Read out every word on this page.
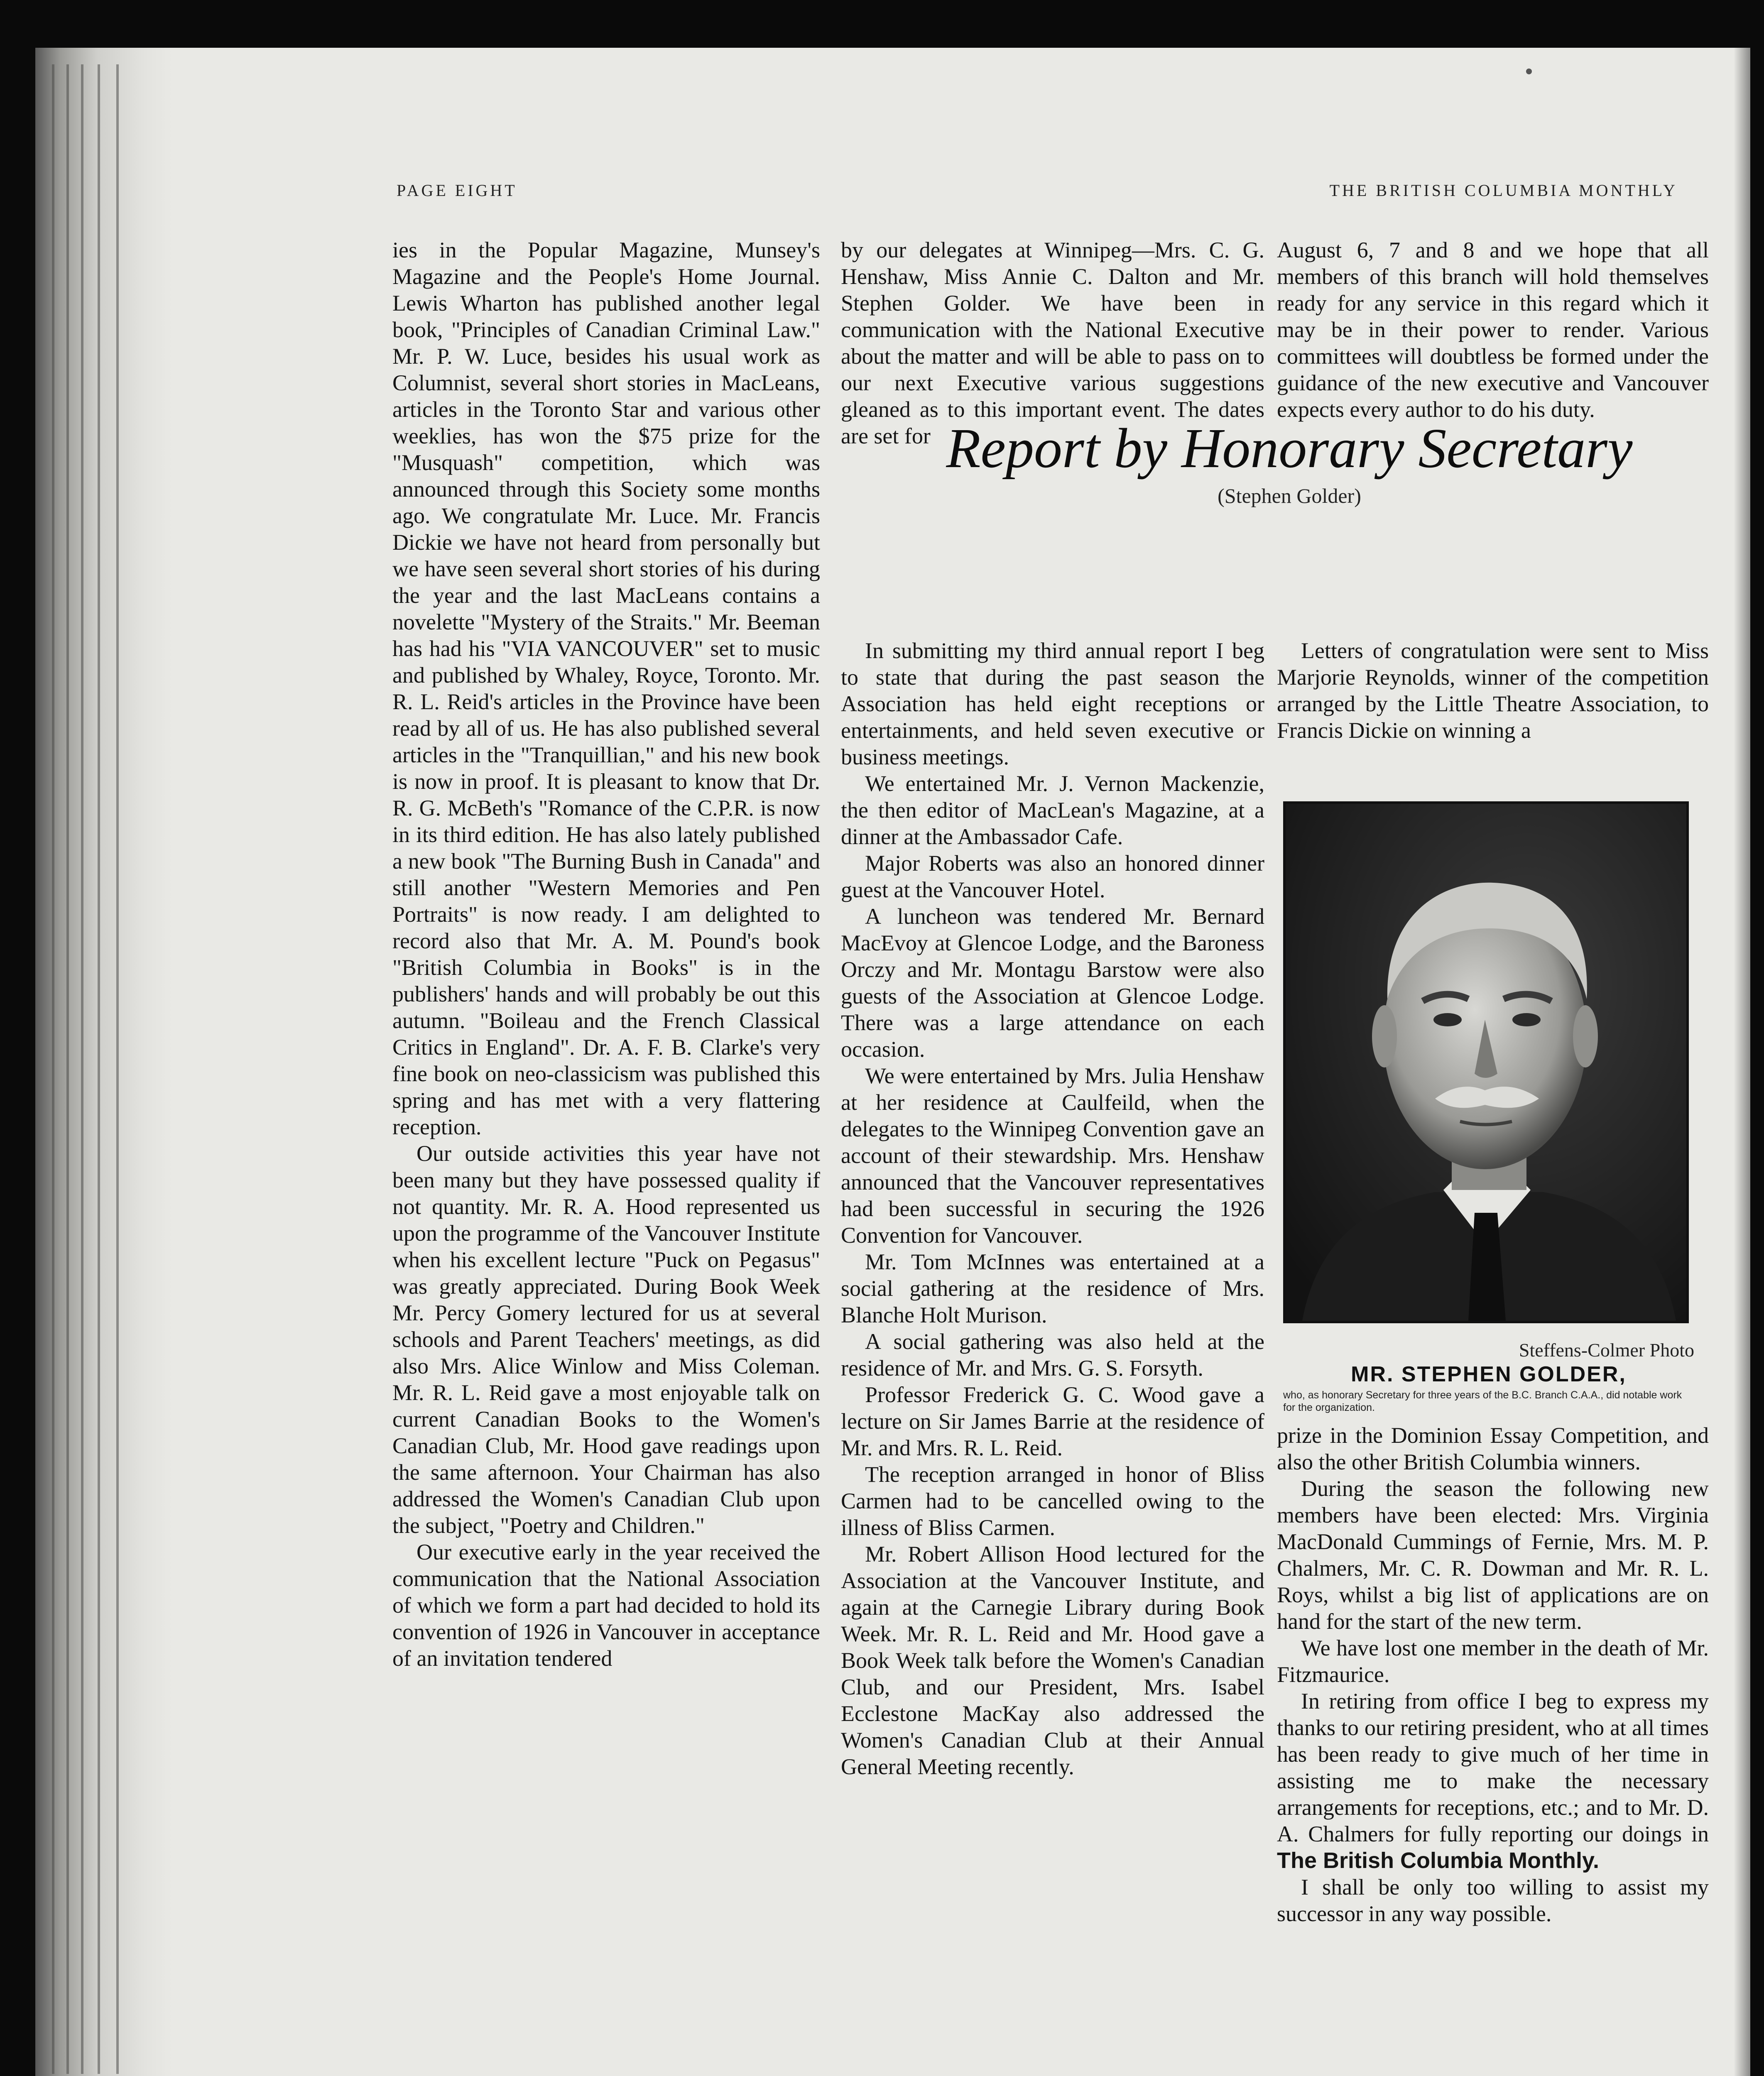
PAGE EIGHT	THE BRITISH COLUMBIA MONTHLY

ies in the Popular Magazine, Munsey's Magazine and the People's Home Journal. Lewis Wharton has published another legal book, "Principles of Canadian Criminal Law." Mr. P. W. Luce, besides his usual work as Columnist, several short stories in MacLeans, articles in the Toronto Star and various other weeklies, has won the $75 prize for the "Musquash" competition, which was announced through this Society some months ago. We congratulate Mr. Luce. Mr. Francis Dickie we have not heard from personally but we have seen several short stories of his during the year and the last MacLeans contains a novelette "Mystery of the Straits." Mr. Beeman has had his "VIA VANCOUVER" set to music and published by Whaley, Royce, Toronto. Mr. R. L. Reid's articles in the Province have been read by all of us. He has also published several articles in the "Tranquillian," and his new book is now in proof. It is pleasant to know that Dr. R. G. McBeth's "Romance of the C.P.R. is now in its third edition. He has also lately published a new book "The Burning Bush in Canada" and still another "Western Memories and Pen Portraits" is now ready. I am delighted to record also that Mr. A. M. Pound's book "British Columbia in Books" is in the publishers' hands and will probably be out this autumn. "Boileau and the French Classical Critics in England". Dr. A. F. B. Clarke's very fine book on neo-classicism was published this spring and has met with a very flattering reception.

Our outside activities this year have not been many but they have possessed quality if not quantity. Mr. R. A. Hood represented us upon the programme of the Vancouver Institute when his excellent lecture "Puck on Pegasus" was greatly appreciated. During Book Week Mr. Percy Gomery lectured for us at several schools and Parent Teachers' meetings, as did also Mrs. Alice Winlow and Miss Coleman. Mr. R. L. Reid gave a most enjoyable talk on current Canadian Books to the Women's Canadian Club, Mr. Hood gave readings upon the same afternoon. Your Chairman has also addressed the Women's Canadian Club upon the subject, "Poetry and Children."

Our executive early in the year received the communication that the National Association of which we form a part had decided to hold its convention of 1926 in Vancouver in acceptance of an invitation tendered

by our delegates at Winnipeg—Mrs. C. G. Henshaw, Miss Annie C. Dalton and Mr. Stephen Golder. We have been in communication with the National Executive about the matter and will be able to pass on to our next Executive various suggestions gleaned as to this important event. The dates are set for

August 6, 7 and 8 and we hope that all members of this branch will hold themselves ready for any service in this regard which it may be in their power to render. Various committees will doubtless be formed under the guidance of the new executive and Vancouver expects every author to do his duty.

Report by Honorary Secretary
(Stephen Golder)

In submitting my third annual report I beg to state that during the past season the Association has held eight receptions or entertainments, and held seven executive or business meetings.

We entertained Mr. J. Vernon Mackenzie, the then editor of MacLean's Magazine, at a dinner at the Ambassador Cafe.

Major Roberts was also an honored dinner guest at the Vancouver Hotel.

A luncheon was tendered Mr. Bernard MacEvoy at Glencoe Lodge, and the Baroness Orczy and Mr. Montagu Barstow were also guests of the Association at Glencoe Lodge. There was a large attendance on each occasion.

We were entertained by Mrs. Julia Henshaw at her residence at Caulfeild, when the delegates to the Winnipeg Convention gave an account of their stewardship. Mrs. Henshaw announced that the Vancouver representatives had been successful in securing the 1926 Convention for Vancouver.

Mr. Tom McInnes was entertained at a social gathering at the residence of Mrs. Blanche Holt Murison.

A social gathering was also held at the residence of Mr. and Mrs. G. S. Forsyth.

Professor Frederick G. C. Wood gave a lecture on Sir James Barrie at the residence of Mr. and Mrs. R. L. Reid.

The reception arranged in honor of Bliss Carmen had to be cancelled owing to the illness of Bliss Carmen.

Mr. Robert Allison Hood lectured for the Association at the Vancouver Institute, and again at the Carnegie Library during Book Week. Mr. R. L. Reid and Mr. Hood gave a Book Week talk before the Women's Canadian Club, and our President, Mrs. Isabel Ecclestone MacKay also addressed the Women's Canadian Club at their Annual General Meeting recently.

Letters of congratulation were sent to Miss Marjorie Reynolds, winner of the competition arranged by the Little Theatre Association, to Francis Dickie on winning a

Steffens-Colmer Photo
MR. STEPHEN GOLDER,
who, as honorary Secretary for three years of the B.C. Branch C.A.A., did notable work for the organization.

prize in the Dominion Essay Competition, and also the other British Columbia winners.

During the season the following new members have been elected: Mrs. Virginia MacDonald Cummings of Fernie, Mrs. M. P. Chalmers, Mr. C. R. Dowman and Mr. R. L. Roys, whilst a big list of applications are on hand for the start of the new term.

We have lost one member in the death of Mr. Fitzmaurice.

In retiring from office I beg to express my thanks to our retiring president, who at all times has been ready to give much of her time in assisting me to make the necessary arrangements for receptions, etc.; and to Mr. D. A. Chalmers for fully reporting our doings in The British Columbia Monthly.

I shall be only too willing to assist my successor in any way possible.
